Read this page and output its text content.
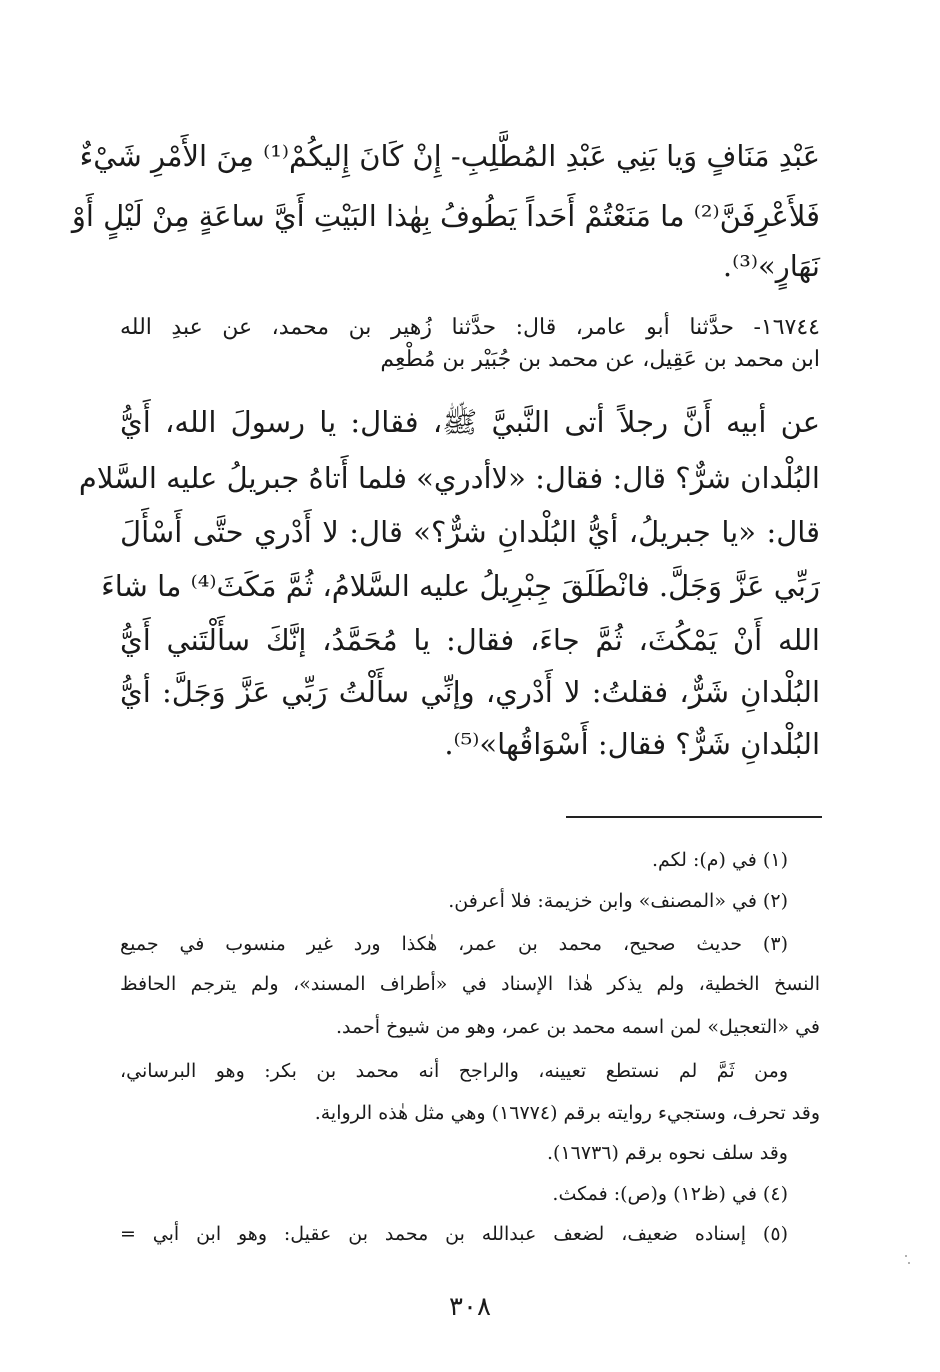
عَبْدِ مَنَافٍ وَيا بَنِي عَبْدِ المُطَّلِبِ- إِنْ كَانَ إِليكُمْ⁽¹⁾ مِنَ الأَمْرِ شَيْءٌ
فَلأَعْرِفَنَّ⁽²⁾ ما مَنَعْتُمْ أَحَداً يَطُوفُ بِهٰذا البَيْتِ أَيَّ ساعَةٍ مِنْ لَيْلٍ أَوْ
نَهَارٍ»⁽³⁾.
١٦٧٤٤- حدَّثنا أبو عامر، قال: حدَّثنا زُهير بن محمد، عن عبدِ الله
ابن محمد بن عَقِيل، عن محمد بن جُبَيْر بن مُطْعِم
عن أبيه أَنَّ رجلاً أتى النَّبيَّ ﷺ، فقال: يا رسولَ الله، أَيُّ
البُلْدان شرٌّ؟ قال: فقال: «لاأدري» فلما أَتاهُ جبريلُ عليه السَّلام
قال: «يا جبريلُ، أيُّ البُلْدانِ شرٌّ؟» قال: لا أَدْري حتَّى أَسْأَلَ
رَبِّي عَزَّ وَجَلَّ. فانْطَلَقَ جِبْرِيلُ عليه السَّلامُ، ثُمَّ مَكَثَ⁽⁴⁾ ما شاءَ
الله أَنْ يَمْكُثَ، ثُمَّ جاءَ، فقال: يا مُحَمَّدُ، إنَّكَ سأَلْتَني أَيُّ
البُلْدانِ شَرٌّ، فقلتُ: لا أَدْري، وإنِّي سأَلْتُ رَبِّي عَزَّ وَجَلَّ: أيُّ
البُلْدانِ شَرٌّ؟ فقال: أَسْوَاقُها»⁽⁵⁾.
(١) في (م): لكم.
(٢) في «المصنف» وابن خزيمة: فلا أعرفن.
(٣) حديث صحيح، محمد بن عمر، هٰكذا ورد غير منسوب في جميع
النسخ الخطية، ولم يذكر هٰذا الإسناد في «أطراف المسند»، ولم يترجم الحافظ
في «التعجيل» لمن اسمه محمد بن عمر، وهو من شيوخ أحمد.
ومن ثَمَّ لم نستطع تعيينه، والراجح أنه محمد بن بكر: وهو البرساني،
وقد تحرف، وستجيء روايته برقم (١٦٧٧٤) وهي مثل هٰذه الرواية.
وقد سلف نحوه برقم (١٦٧٣٦).
(٤) في (ظ١٢) و(ص): فمكث.
(٥) إسناده ضعيف، لضعف عبدالله بن محمد بن عقيل: وهو ابن أبي =
٣٠٨
